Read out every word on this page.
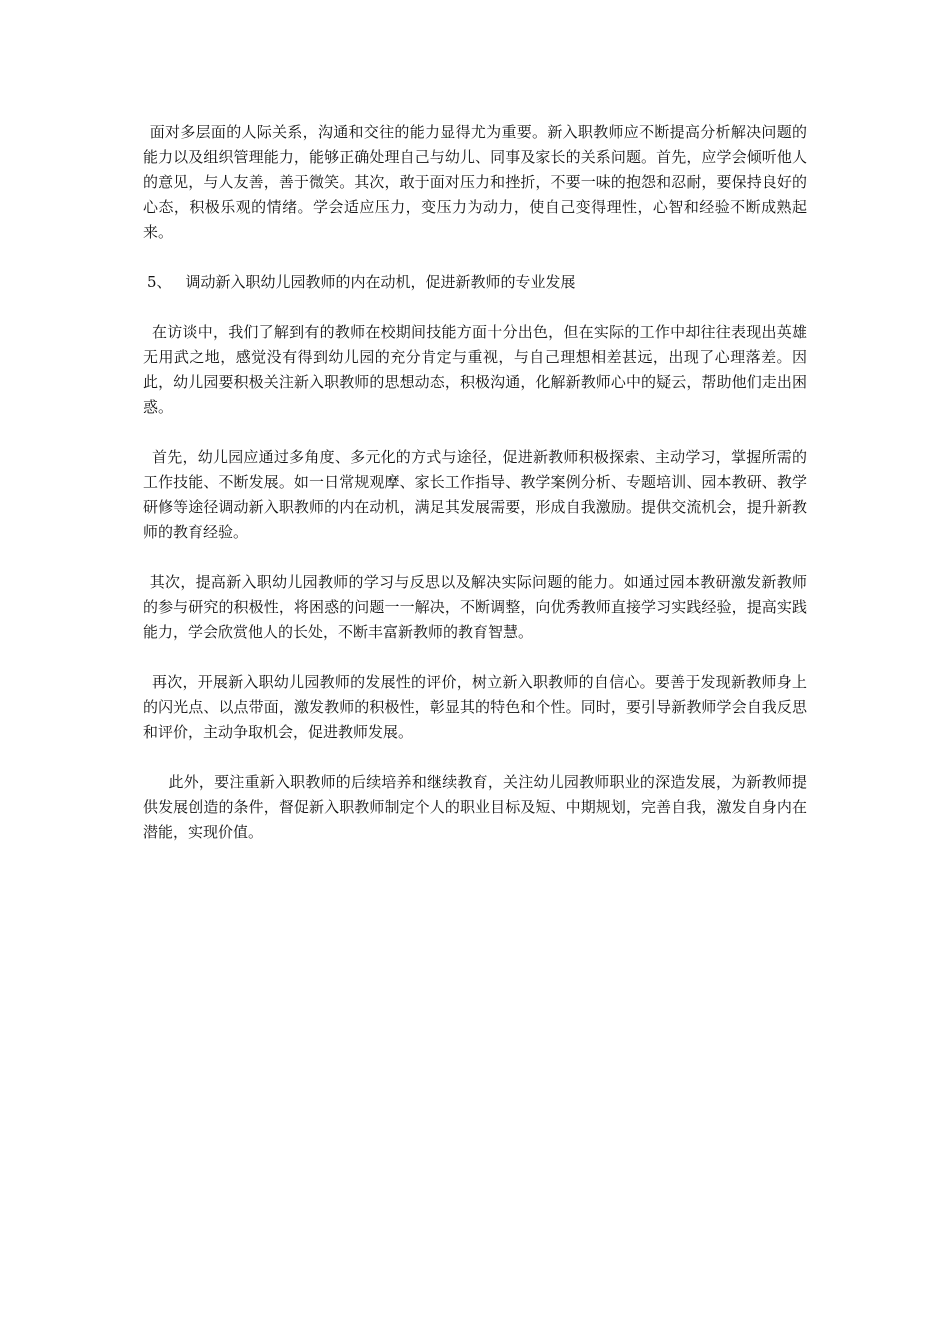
面对多层面的人际关系，沟通和交往的能力显得尤为重要。新入职教师应不断提高分析解决问题的能力以及组织管理能力，能够正确处理自己与幼儿、同事及家长的关系问题。首先，应学会倾听他人的意见，与人友善，善于微笑。其次，敢于面对压力和挫折，不要一味的抱怨和忍耐，要保持良好的心态，积极乐观的情绪。学会适应压力，变压力为动力，使自己变得理性，心智和经验不断成熟起来。

5、 调动新入职幼儿园教师的内在动机，促进新教师的专业发展

在访谈中，我们了解到有的教师在校期间技能方面十分出色，但在实际的工作中却往往表现出英雄无用武之地，感觉没有得到幼儿园的充分肯定与重视，与自己理想相差甚远，出现了心理落差。因此，幼儿园要积极关注新入职教师的思想动态，积极沟通，化解新教师心中的疑云，帮助他们走出困惑。

首先，幼儿园应通过多角度、多元化的方式与途径，促进新教师积极探索、主动学习，掌握所需的工作技能、不断发展。如一日常规观摩、家长工作指导、教学案例分析、专题培训、园本教研、教学研修等途径调动新入职教师的内在动机，满足其发展需要，形成自我激励。提供交流机会，提升新教师的教育经验。

其次，提高新入职幼儿园教师的学习与反思以及解决实际问题的能力。如通过园本教研激发新教师的参与研究的积极性，将困惑的问题一一解决，不断调整，向优秀教师直接学习实践经验，提高实践能力，学会欣赏他人的长处，不断丰富新教师的教育智慧。

再次，开展新入职幼儿园教师的发展性的评价，树立新入职教师的自信心。要善于发现新教师身上的闪光点、以点带面，激发教师的积极性，彰显其的特色和个性。同时，要引导新教师学会自我反思和评价，主动争取机会，促进教师发展。

此外，要注重新入职教师的后续培养和继续教育，关注幼儿园教师职业的深造发展，为新教师提供发展创造的条件，督促新入职教师制定个人的职业目标及短、中期规划，完善自我，激发自身内在潜能，实现价值。
